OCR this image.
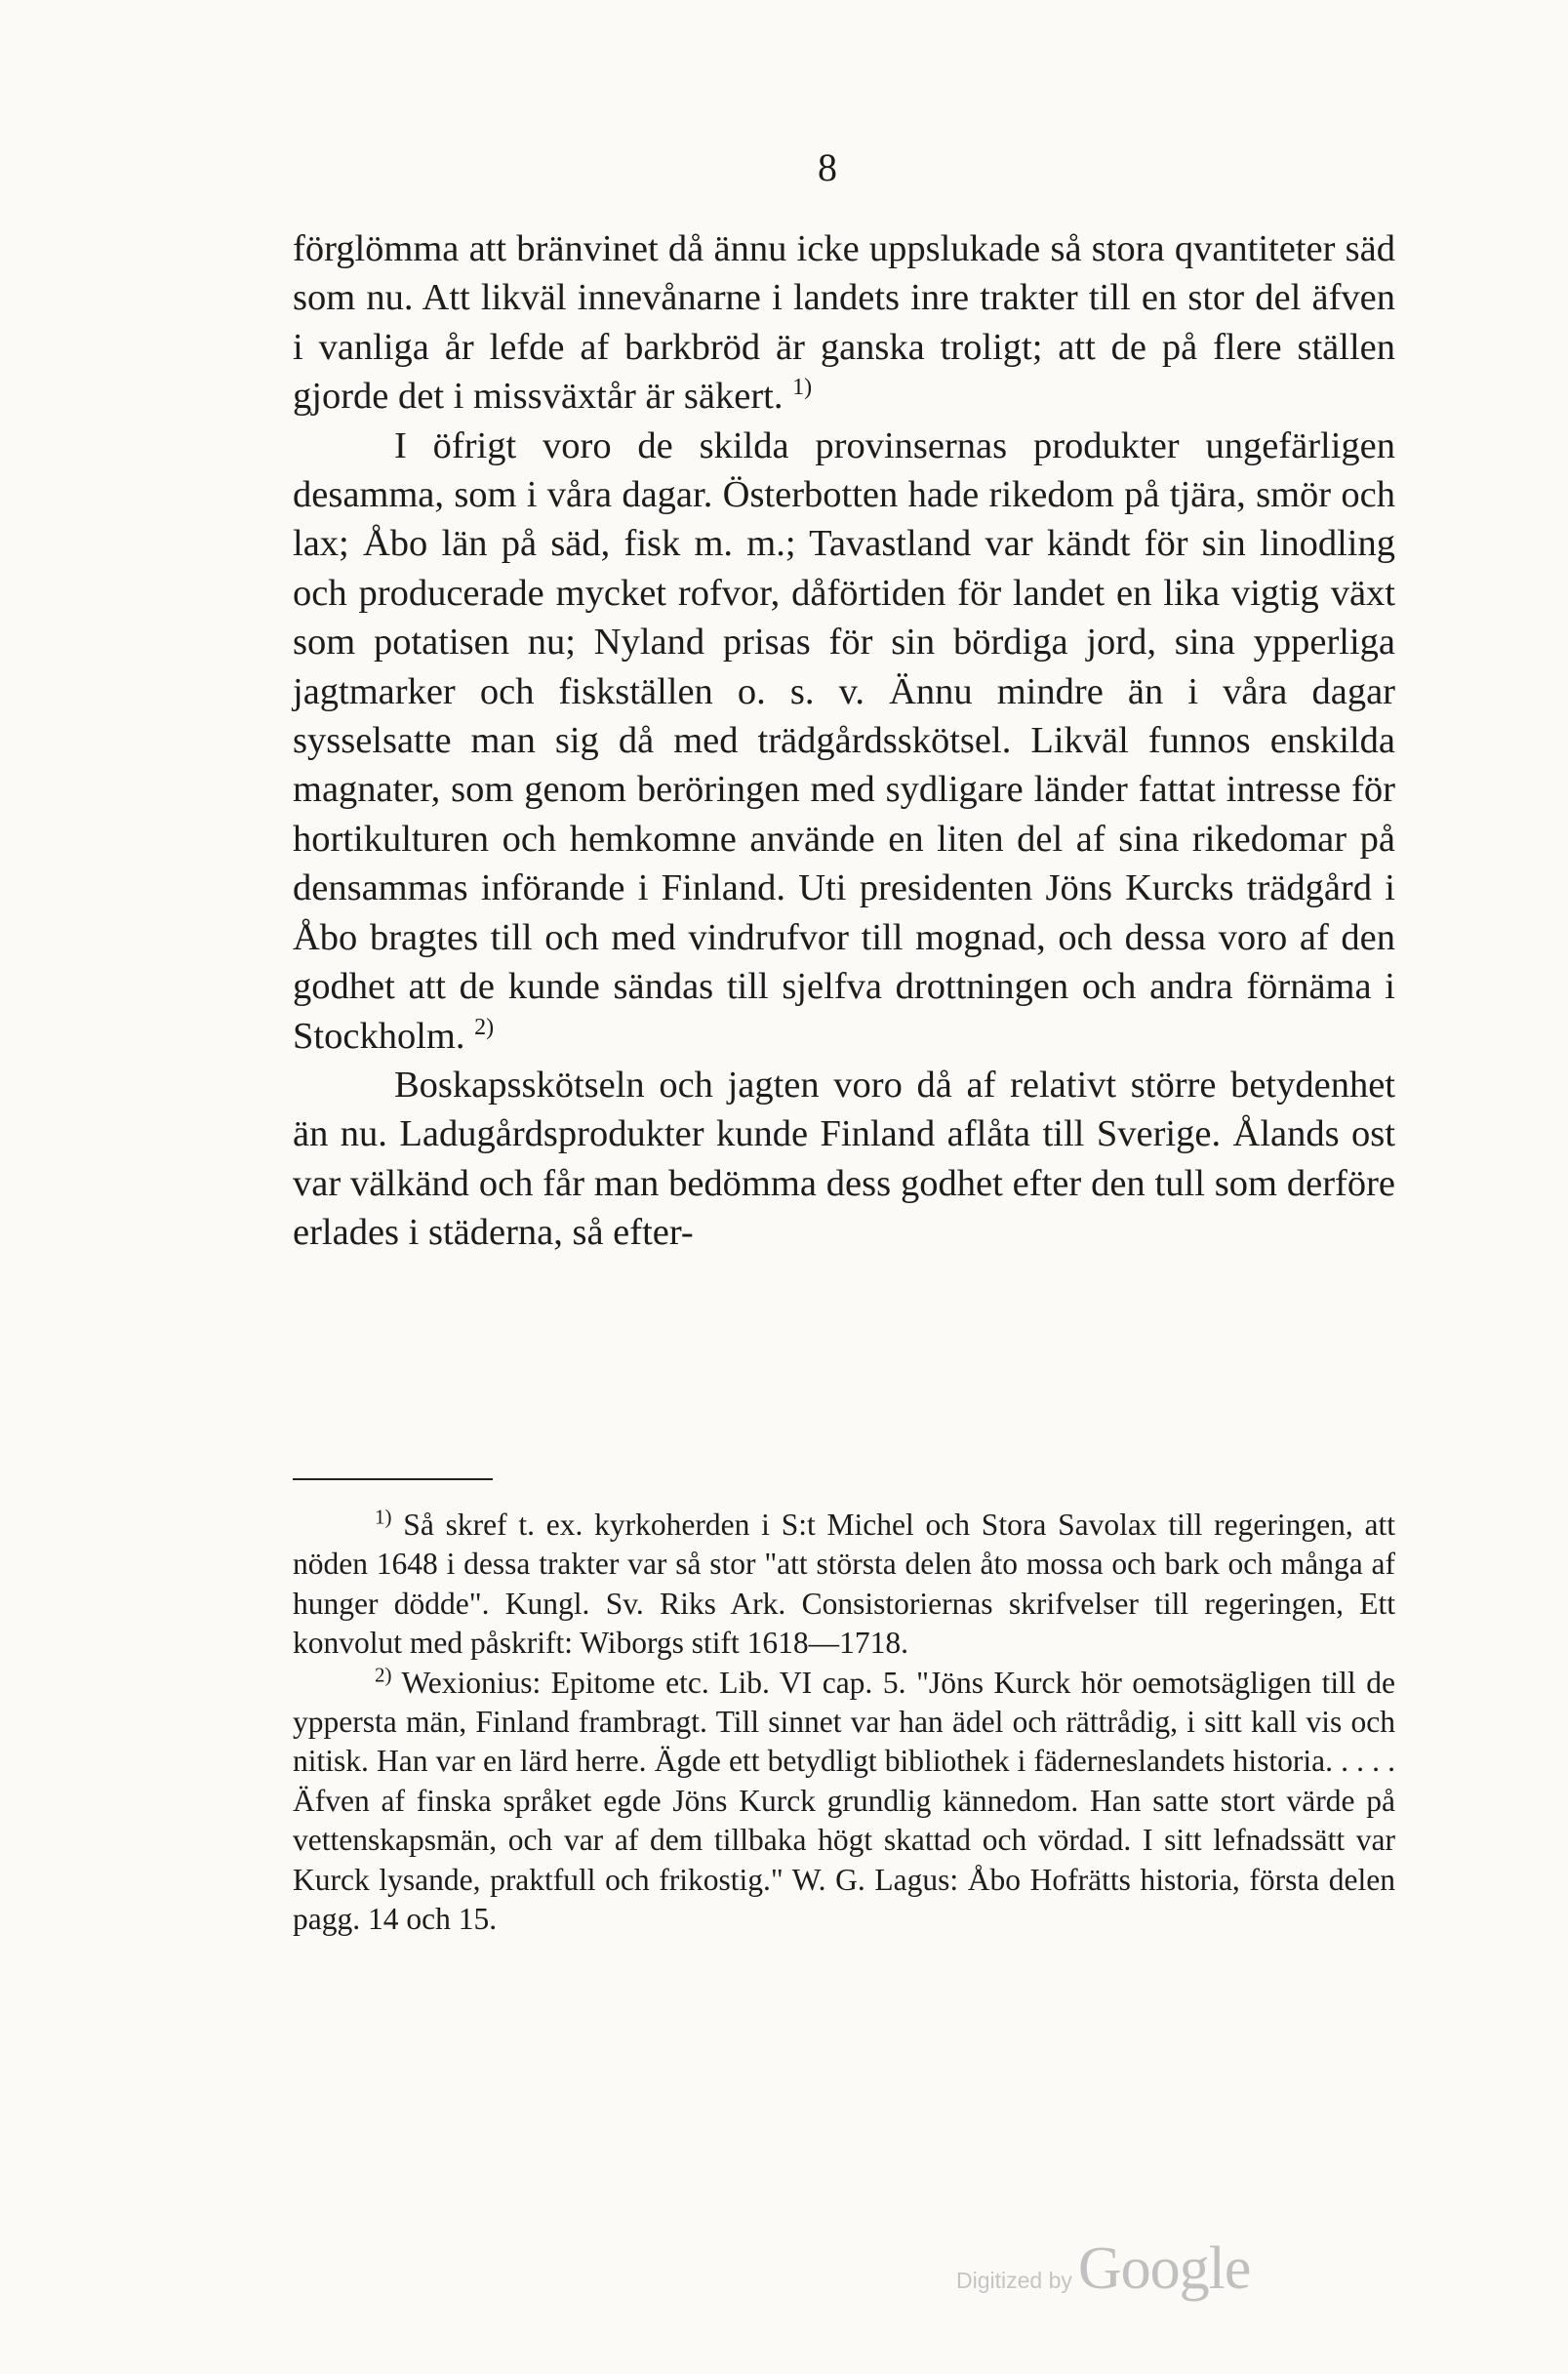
8

förglömma att bränvinet då ännu icke uppslukade så stora qvantiteter säd som nu. Att likväl innevånarne i landets inre trakter till en stor del äfven i vanliga år lefde af barkbröd är ganska troligt; att de på flere ställen gjorde det i missväxtår är säkert. $^{1)}$

I öfrigt voro de skilda provinsernas produkter ungefärligen desamma, som i våra dagar. Österbotten hade rikedom på tjära, smör och lax; Åbo län på säd, fisk m. m.; Tavastland var kändt för sin linodling och producerade mycket rofvor, dåförtiden för landet en lika vigtig växt som potatisen nu; Nyland prisas för sin bördiga jord, sina ypperliga jagtmarker och fiskställen o. s. v. Ännu mindre än i våra dagar sysselsatte man sig då med trädgårdsskötsel. Likväl funnos enskilda magnater, som genom beröringen med sydligare länder fattat intresse för hortikulturen och hemkomne använde en liten del af sina rikedomar på densammas införande i Finland. Uti presidenten Jöns Kurcks trädgård i Åbo bragtes till och med vindrufvor till mognad, och dessa voro af den godhet att de kunde sändas till sjelfva drottningen och andra förnäma i Stockholm. $^{2)}$

Boskapsskötseln och jagten voro då af relativt större betydenhet än nu. Ladugårdsprodukter kunde Finland aflåta till Sverige. Ålands ost var välkänd och får man bedömma dess godhet efter den tull som derföre erlades i städerna, så efter-

$^{1)}$ Så skref t. ex. kyrkoherden i S:t Michel och Stora Savolax till regeringen, att nöden 1648 i dessa trakter var så stor "att största delen åto mossa och bark och många af hunger dödde". Kungl. Sv. Riks Ark. Consistoriernas skrifvelser till regeringen, Ett konvolut med påskrift: Wiborgs stift 1618—1718.

$^{2)}$ Wexionius: Epitome etc. Lib. VI cap. 5. "Jöns Kurck hör oemotsägligen till de yppersta män, Finland frambragt. Till sinnet var han ädel och rättrådig, i sitt kall vis och nitisk. Han var en lärd herre. Ägde ett betydligt bibliothek i fäderneslandets historia. . . . . Äfven af finska språket egde Jöns Kurck grundlig kännedom. Han satte stort värde på vettenskapsmän, och var af dem tillbaka högt skattad och vördad. I sitt lefnadssätt var Kurck lysande, praktfull och frikostig." W. G. Lagus: Åbo Hofrätts historia, första delen pagg. 14 och 15.

Digitized by Google
